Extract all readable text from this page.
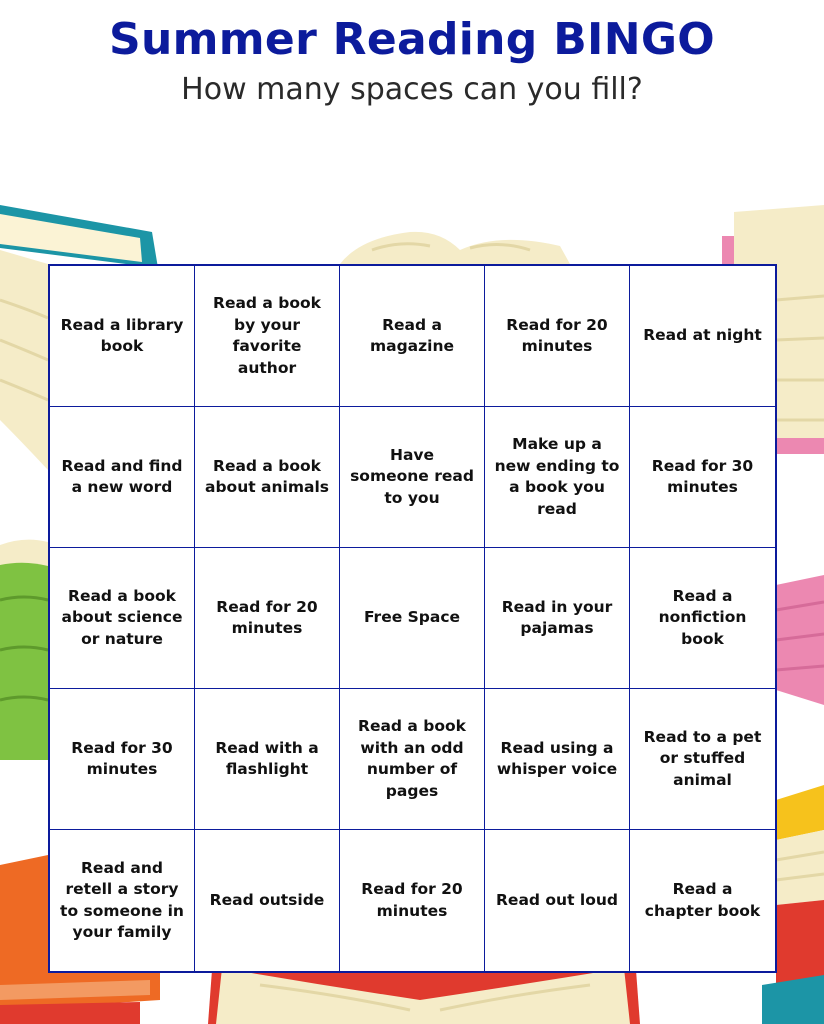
Summer Reading BINGO
How many spaces can you fill?
Read a library book
Read a book by your favorite author
Read a magazine
Read for 20 minutes
Read at night
Read and find a new word
Read a book about animals
Have someone read to you
Make up a new ending to a book you read
Read for 30 minutes
Read a book about science or nature
Read for 20 minutes
Free Space
Read in your pajamas
Read a nonfiction book
Read for 30 minutes
Read with a flashlight
Read a book with an odd number of pages
Read using a whisper voice
Read to a pet or stuffed animal
Read and retell a story to someone in your family
Read outside
Read for 20 minutes
Read out loud
Read a chapter book
